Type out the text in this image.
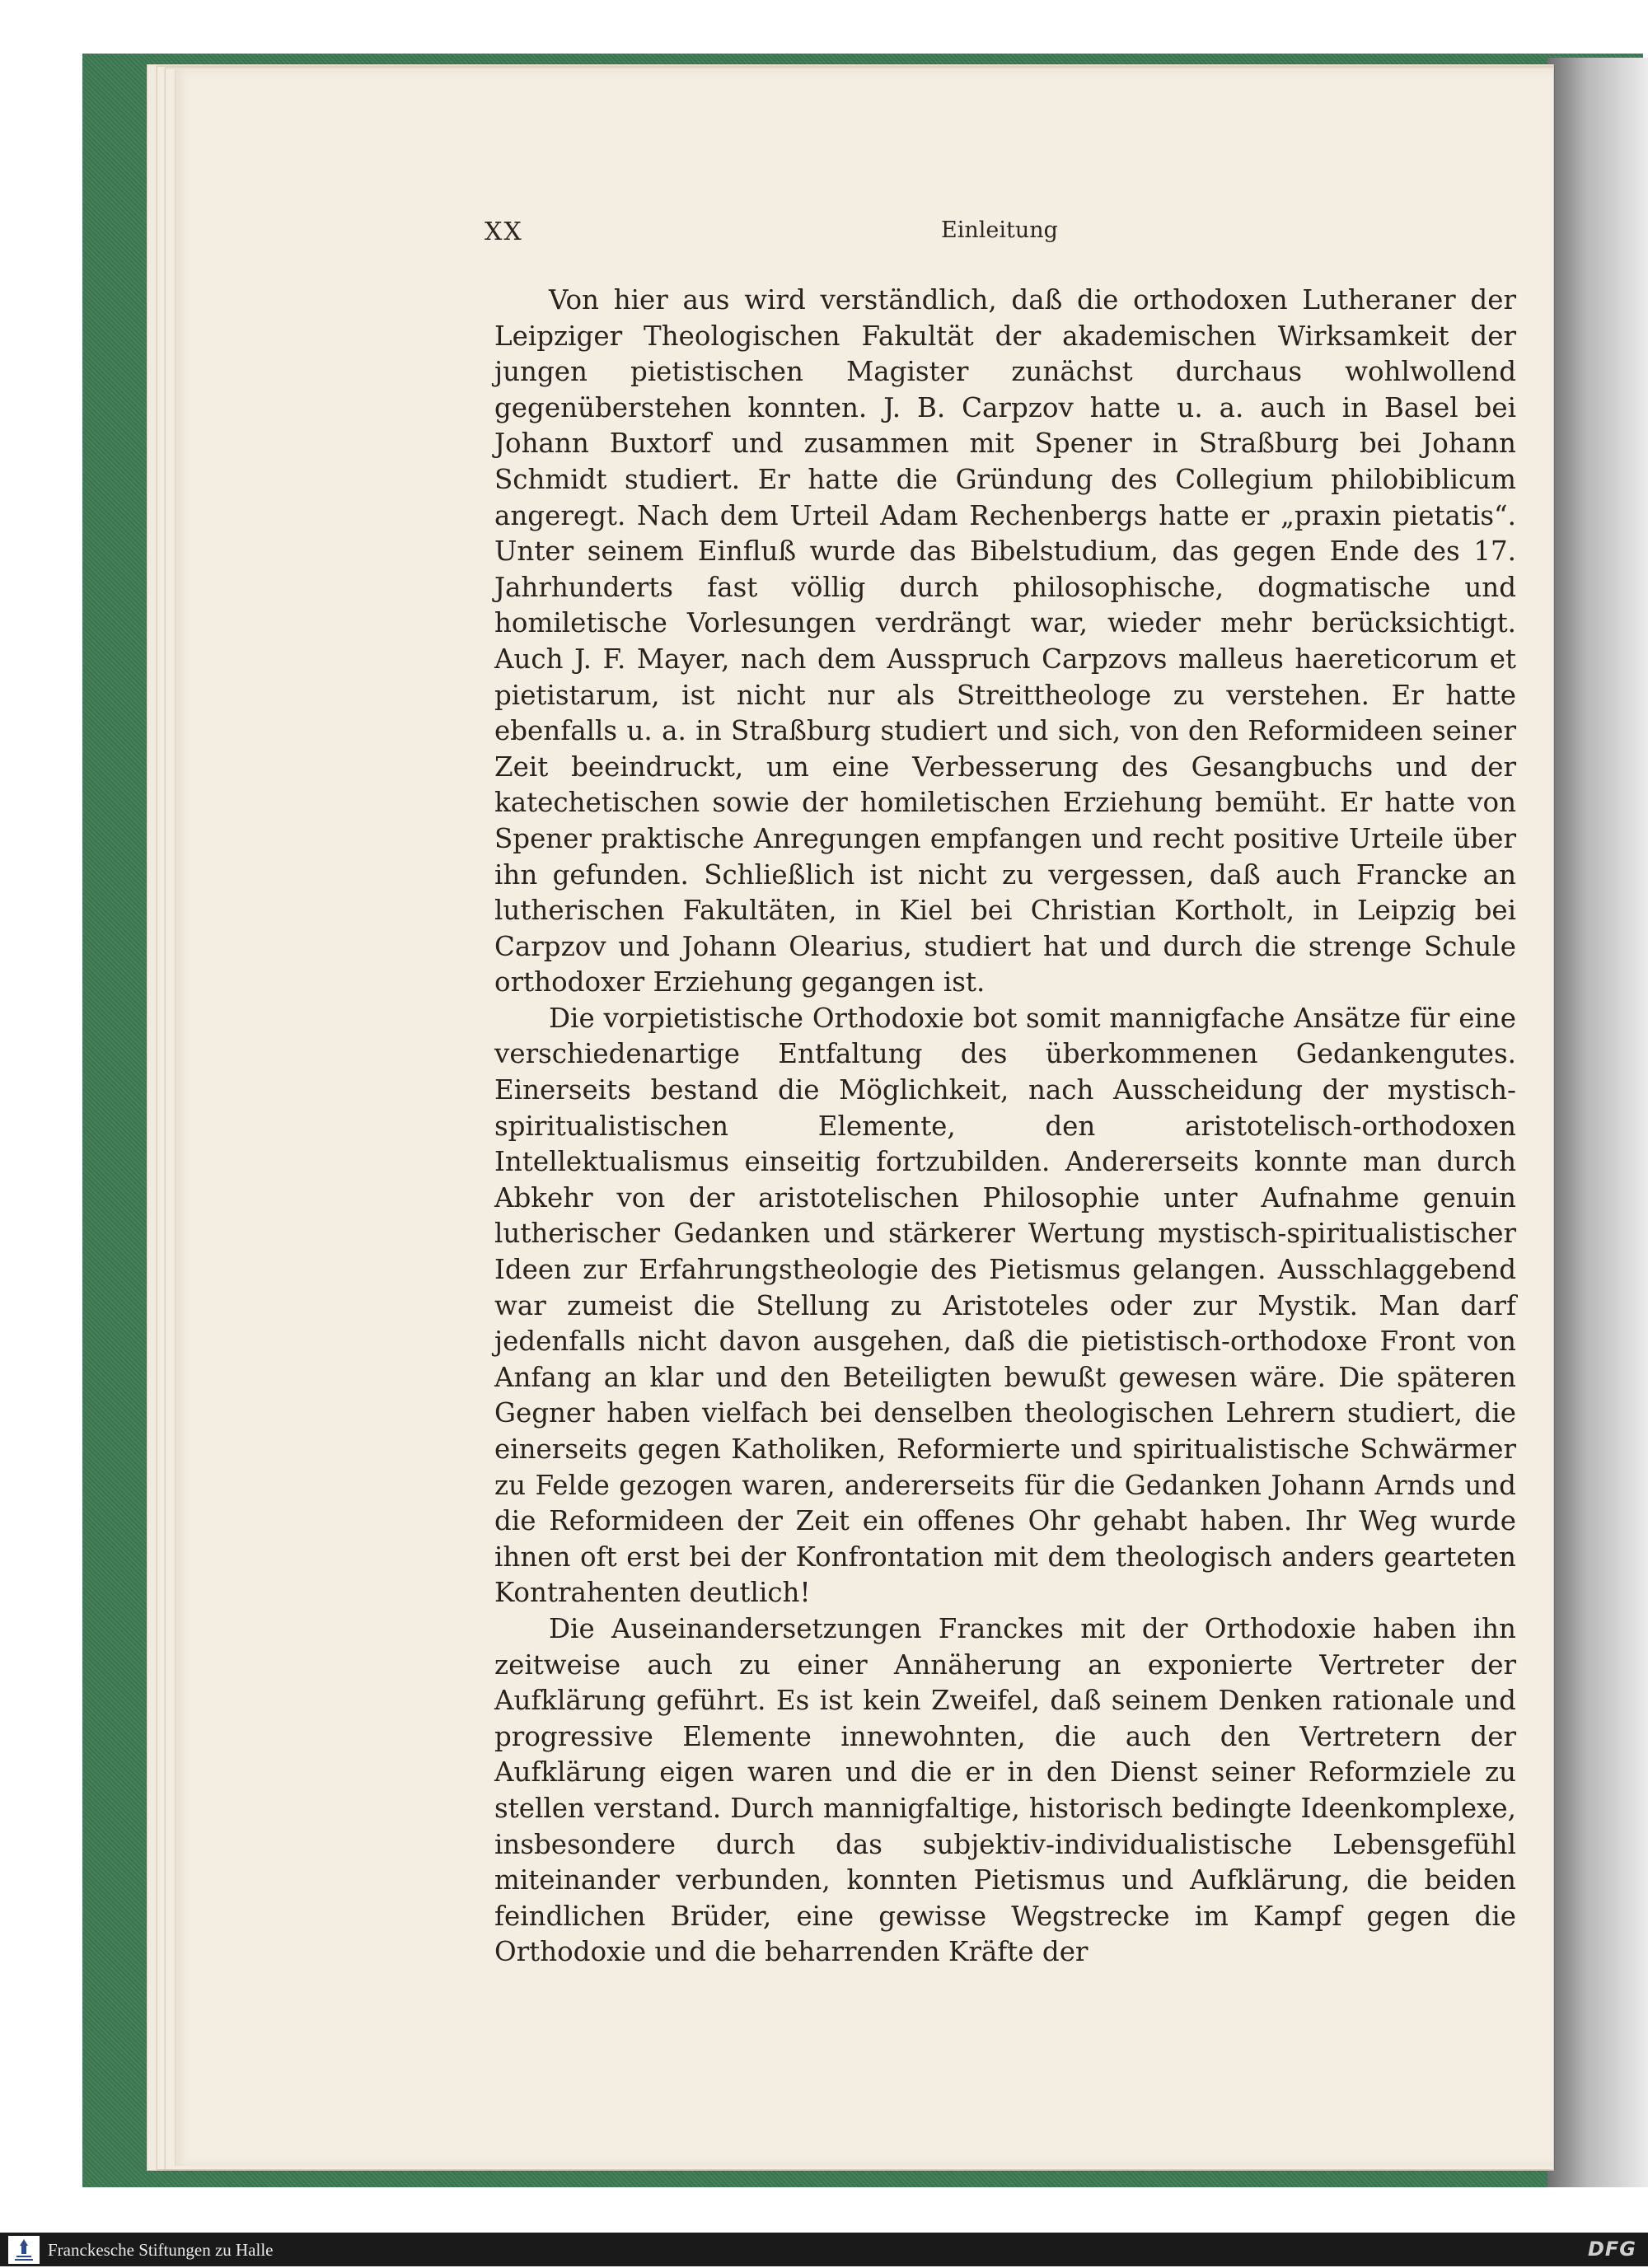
XX	Einleitung

Von hier aus wird verständlich, daß die orthodoxen Lutheraner der Leipziger Theologischen Fakultät der akademischen Wirksamkeit der jungen pietistischen Magister zunächst durchaus wohlwollend gegenüberstehen konnten. J. B. Carpzov hatte u. a. auch in Basel bei Johann Buxtorf und zusammen mit Spener in Straßburg bei Johann Schmidt studiert. Er hatte die Gründung des Collegium philobiblicum angeregt. Nach dem Urteil Adam Rechenbergs hatte er „praxin pietatis“. Unter seinem Einfluß wurde das Bibelstudium, das gegen Ende des 17. Jahrhunderts fast völlig durch philosophische, dogmatische und homiletische Vorlesungen verdrängt war, wieder mehr berücksichtigt. Auch J. F. Mayer, nach dem Ausspruch Carpzovs malleus haereticorum et pietistarum, ist nicht nur als Streittheologe zu verstehen. Er hatte ebenfalls u. a. in Straßburg studiert und sich, von den Reformideen seiner Zeit beeindruckt, um eine Verbesserung des Gesangbuchs und der katechetischen sowie der homiletischen Erziehung bemüht. Er hatte von Spener praktische Anregungen empfangen und recht positive Urteile über ihn gefunden. Schließlich ist nicht zu vergessen, daß auch Francke an lutherischen Fakultäten, in Kiel bei Christian Kortholt, in Leipzig bei Carpzov und Johann Olearius, studiert hat und durch die strenge Schule orthodoxer Erziehung gegangen ist.

Die vorpietistische Orthodoxie bot somit mannigfache Ansätze für eine verschiedenartige Entfaltung des überkommenen Gedankengutes. Einerseits bestand die Möglichkeit, nach Ausscheidung der mystisch-spiritualistischen Elemente, den aristotelisch-orthodoxen Intellektualismus einseitig fortzubilden. Andererseits konnte man durch Abkehr von der aristotelischen Philosophie unter Aufnahme genuin lutherischer Gedanken und stärkerer Wertung mystisch-spiritualistischer Ideen zur Erfahrungstheologie des Pietismus gelangen. Ausschlaggebend war zumeist die Stellung zu Aristoteles oder zur Mystik. Man darf jedenfalls nicht davon ausgehen, daß die pietistisch-orthodoxe Front von Anfang an klar und den Beteiligten bewußt gewesen wäre. Die späteren Gegner haben vielfach bei denselben theologischen Lehrern studiert, die einerseits gegen Katholiken, Reformierte und spiritualistische Schwärmer zu Felde gezogen waren, andererseits für die Gedanken Johann Arnds und die Reformideen der Zeit ein offenes Ohr gehabt haben. Ihr Weg wurde ihnen oft erst bei der Konfrontation mit dem theologisch anders gearteten Kontrahenten deutlich!

Die Auseinandersetzungen Franckes mit der Orthodoxie haben ihn zeitweise auch zu einer Annäherung an exponierte Vertreter der Aufklärung geführt. Es ist kein Zweifel, daß seinem Denken rationale und progressive Elemente innewohnten, die auch den Vertretern der Aufklärung eigen waren und die er in den Dienst seiner Reformziele zu stellen verstand. Durch mannigfaltige, historisch bedingte Ideenkomplexe, insbesondere durch das subjektiv-individualistische Lebensgefühl miteinander verbunden, konnten Pietismus und Aufklärung, die beiden feindlichen Brüder, eine gewisse Wegstrecke im Kampf gegen die Orthodoxie und die beharrenden Kräfte der

Franckesche Stiftungen zu Halle	DFG
